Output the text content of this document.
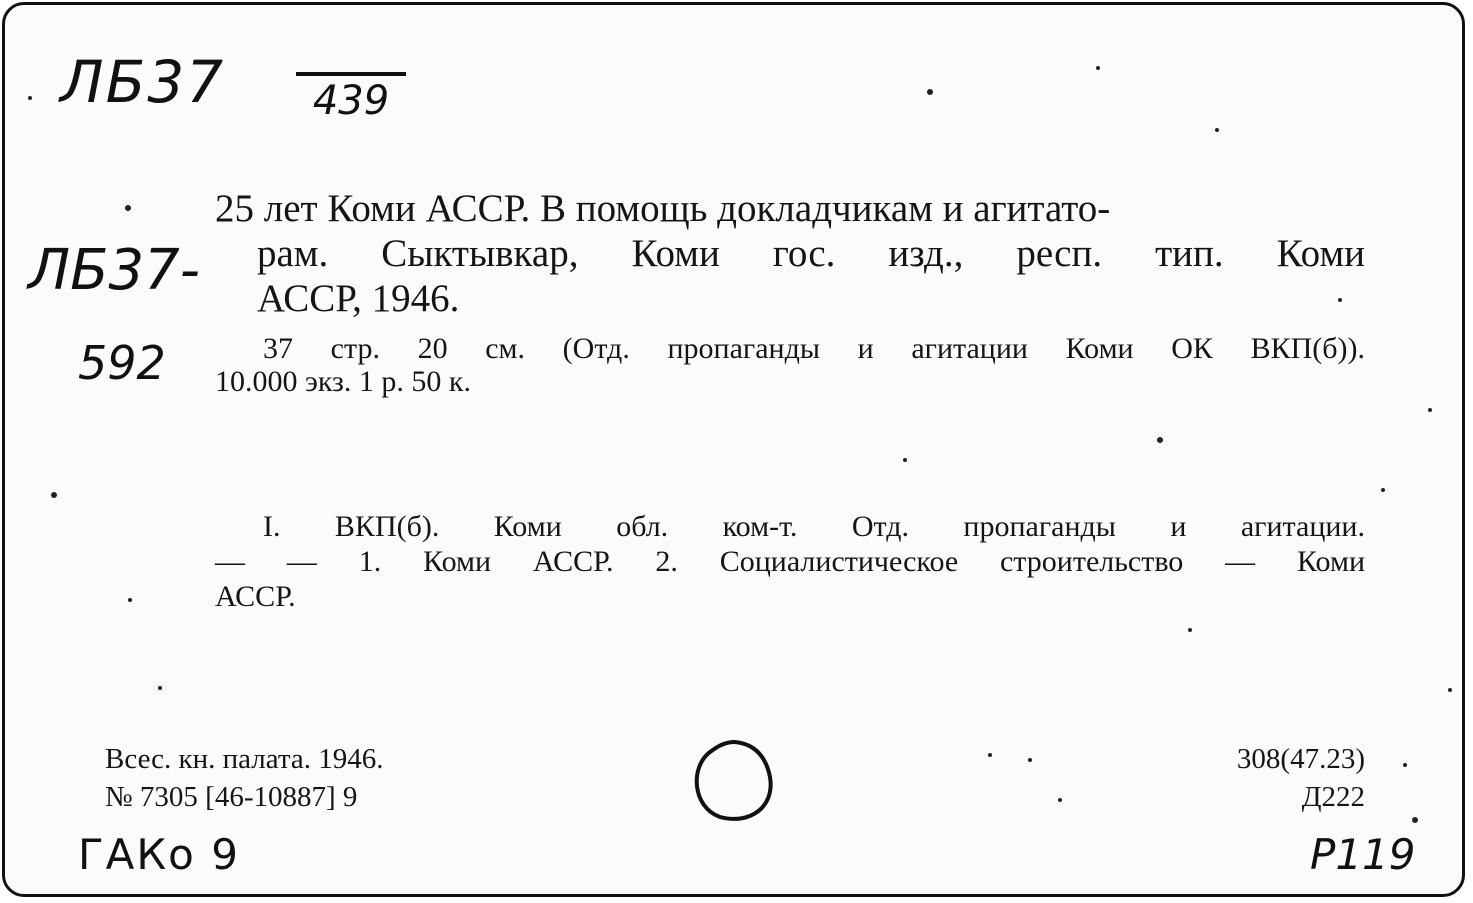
25 лет Коми АССР. В помощь докладчикам и агитато-
рам. Сыктывкар, Коми гос. изд., респ. тип. Коми
АССР, 1946.
37 стр. 20 см. (Отд. пропаганды и агитации Коми ОК ВКП(б)).
10.000 экз. 1 р. 50 к.
I. ВКП(б). Коми обл. ком-т. Отд. пропаганды и агитации.
— — 1. Коми АССР. 2. Социалистическое строительство — Коми
АССР.
Всес. кн. палата. 1946.
№ 7305 [46-10887] 9
308(47.23)
Д222
ЛБ37	439
ЛБ37-
592
ГАКо 9	Р119
